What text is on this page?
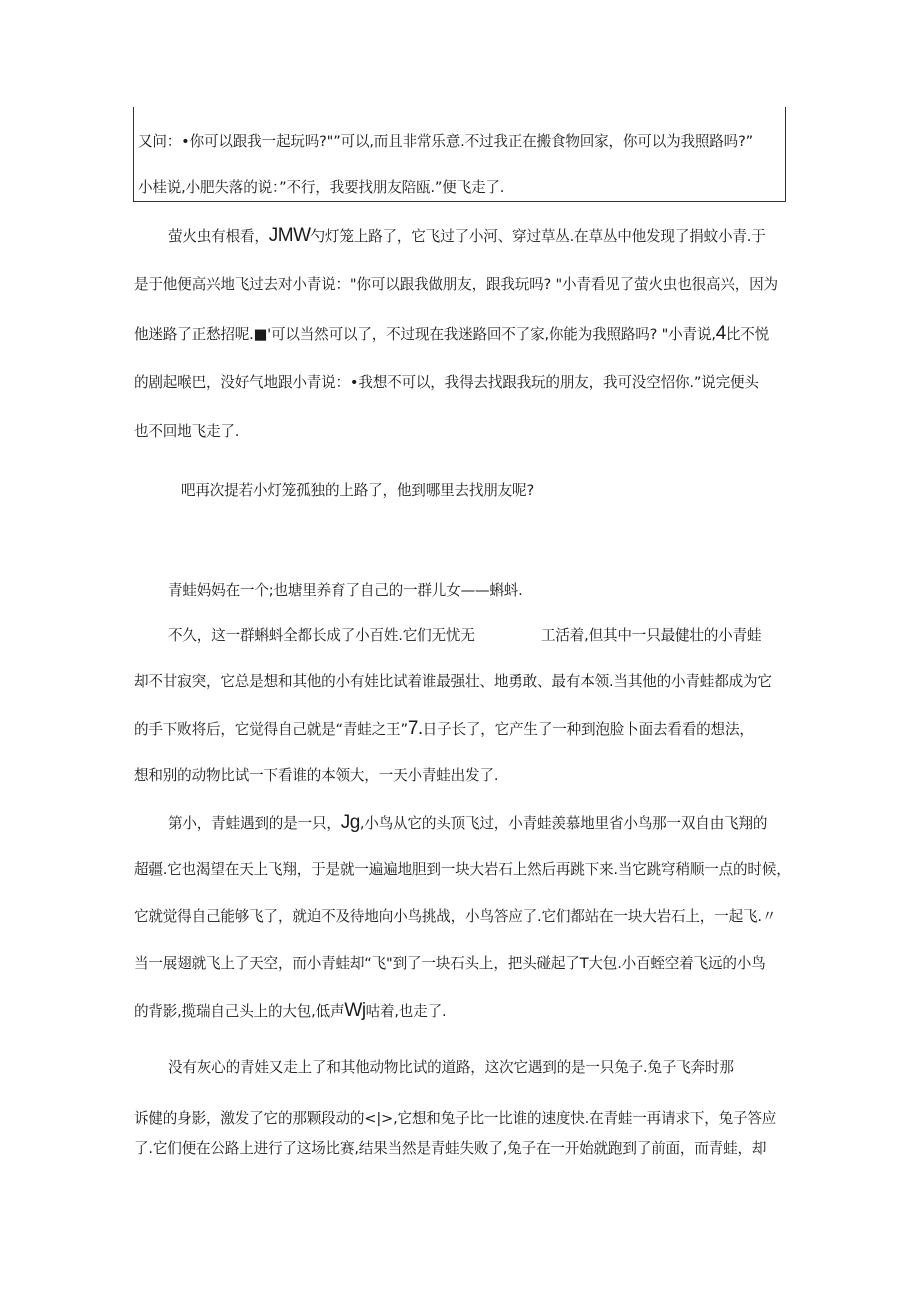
又问：•你可以跟我一起玩吗?"”可以,而且非常乐意.不过我正在搬食物回家，你可以为我照路吗?”
小桂说,小肥失落的说：”不行，我要找朋友陪瓯.”便飞走了.
萤火虫有根看，JMW勺灯笼上路了，它飞过了小河、穿过草丛.在草丛中他发现了捐蚊小青.于
是于他便高兴地飞过去对小青说："你可以跟我做朋友，跟我玩吗? "小青看见了萤火虫也很高兴，因为
他迷路了正愁招呢.■'可以当然可以了，不过现在我迷路回不了家,你能为我照路吗? "小青说,4比不悦
的剧起喉巴，没好气地跟小青说：•我想不可以，我得去找跟我玩的朋友，我可没空怊你.”说完便头
也不回地飞走了.
吧再次提若小灯笼孤独的上路了，他到哪里去找朋友呢?
青蛙妈妈在一个;也塘里养育了自己的一群儿女——蝌蚪.
不久，这一群蝌蚪全都长成了小百姓.它们无忧无	工活着,但其中一只最健壮的小青蛙
却不甘寂突，它总是想和其他的小有娃比试着谁最强壮、地勇敢、最有本领.当其他的小青蛙都成为它
的手下败将后，它觉得自己就是“青蛙之王”7.日子长了，它产生了一种到泡脸卜面去看看的想法，
想和别的动物比试一下看谁的本领大，一天小青蛙出发了.
第小，青蛙遇到的是一只，Jg,小鸟从它的头顶飞过，小青蛙羡慕地里省小鸟那一双自由飞翔的
超疆.它也渴望在天上飞翔，于是就一遍遍地胆到一块大岩石上然后再跳下来.当它跳穹稍顺一点的时候，
它就觉得自己能够飞了，就迫不及待地向小鸟挑战，小鸟答应了.它们都站在一块大岩石上，一起飞.〃
当一展翅就飞上了天空，而小青蛙却“飞"到了一块石头上，把头碰起了T大包.小百蛭空着飞远的小鸟
的背影,揽瑞自己头上的大包,低声Wj咕着,也走了.
没有灰心的青娃又走上了和其他动物比试的道路，这次它遇到的是一只兔子.兔子飞奔时那
诉健的身影，激发了它的那颗段动的<|>,它想和兔子比一比谁的速度快.在青蛙一再请求下，兔子答应
了.它们便在公路上进行了这场比赛,结果当然是青蛙失败了,兔子在一开始就跑到了前面，而青蛙，却
